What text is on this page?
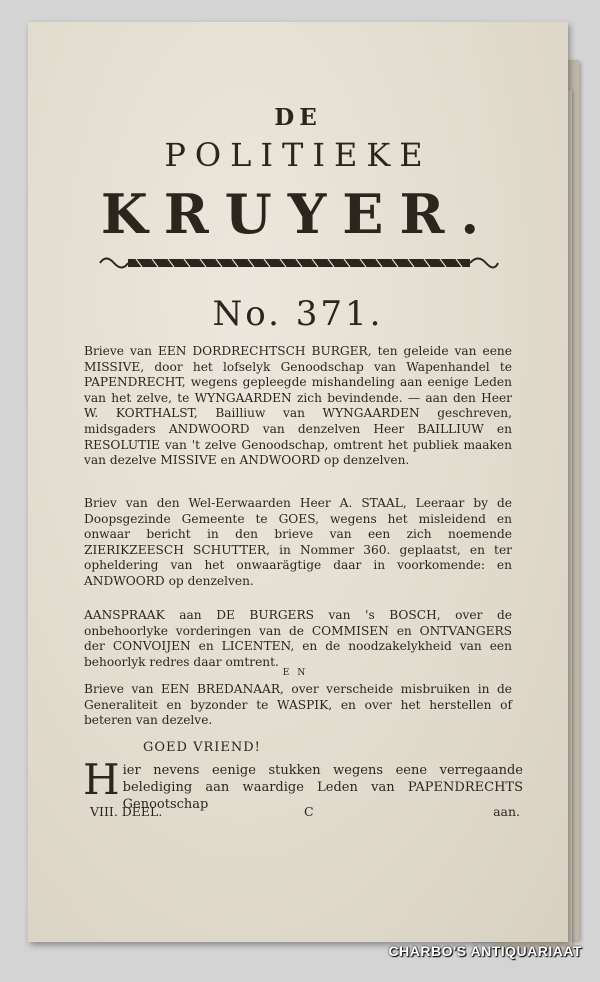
DE
POLITIEKE
KRUYER.
No. 371.
Brieve van EEN DORDRECHTSCH BURGER, ten geleide van eene MISSIVE, door het lofselyk Genoodschap van Wapenhandel te PAPENDRECHT, wegens gepleegde mishandeling aan eenige Leden van het zelve, te WYNGAARDEN zich bevindende. — aan den Heer W. KORTHALST, Bailliuw van WYNGAARDEN geschreven, midsgaders ANDWOORD van denzelven Heer BAILLIUW en RESOLUTIE van 't zelve Genoodschap, omtrent het publiek maaken van dezelve MISSIVE en ANDWOORD op denzelven.
Briev van den Wel-Eerwaarden Heer A. STAAL, Leeraar by de Doopsgezinde Gemeente te GOES, wegens het misleidend en onwaar bericht in den brieve van een zich noemende ZIERIKZEESCH SCHUTTER, in Nommer 360. geplaatst, en ter opheldering van het onwaarägtige daar in voorkomende: en ANDWOORD op denzelven.
AANSPRAAK aan DE BURGERS van 's BOSCH, over de onbehoorlyke vorderingen van de COMMISEN en ONTVANGERS der CONVOIJEN en LICENTEN, en de noodzakelykheid van een behoorlyk redres daar omtrent.
EN
Brieve van EEN BREDANAAR, over verscheide misbruiken in de Generaliteit en byzonder te WASPIK, en over het herstellen of beteren van dezelve.
GOED VRIEND!
Hier nevens eenige stukken wegens eene verregaande belediging aan waardige Leden van PAPENDRECHTS Genootschap
VIII. DEEL.	C	aan.
CHARBO'S ANTIQUARIAAT
